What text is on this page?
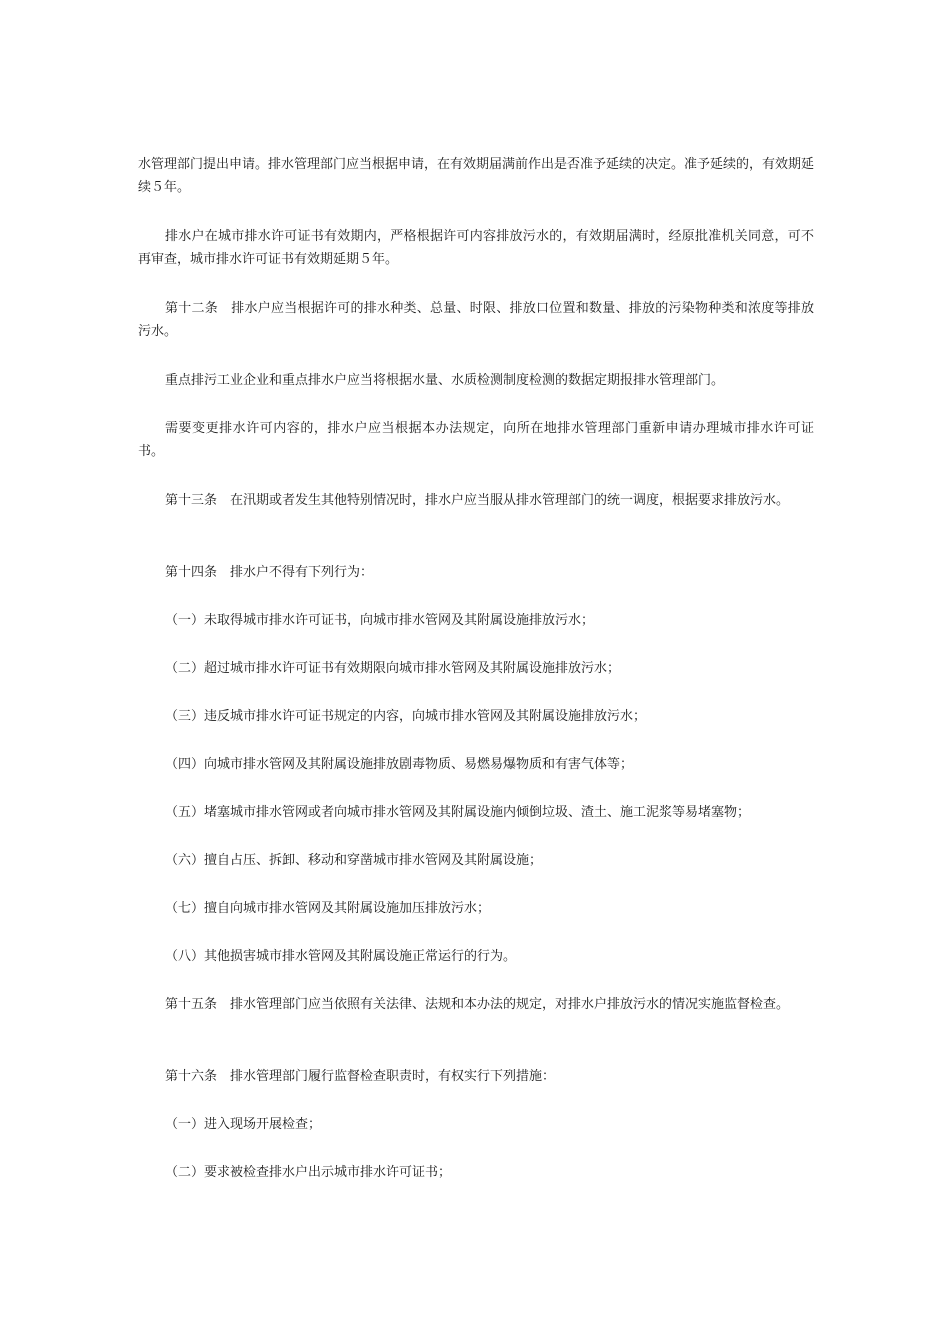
水管理部门提出申请。排水管理部门应当根据申请，在有效期届满前作出是否准予延续的决定。准予延续的，有效期延续５年。

排水户在城市排水许可证书有效期内，严格根据许可内容排放污水的，有效期届满时，经原批准机关同意，可不再审查，城市排水许可证书有效期延期５年。

第十二条　排水户应当根据许可的排水种类、总量、时限、排放口位置和数量、排放的污染物种类和浓度等排放污水。

重点排污工业企业和重点排水户应当将根据水量、水质检测制度检测的数据定期报排水管理部门。

需要变更排水许可内容的，排水户应当根据本办法规定，向所在地排水管理部门重新申请办理城市排水许可证书。

第十三条　在汛期或者发生其他特别情况时，排水户应当服从排水管理部门的统一调度，根据要求排放污水。

第十四条　排水户不得有下列行为：

（一）未取得城市排水许可证书，向城市排水管网及其附属设施排放污水；

（二）超过城市排水许可证书有效期限向城市排水管网及其附属设施排放污水；

（三）违反城市排水许可证书规定的内容，向城市排水管网及其附属设施排放污水；

（四）向城市排水管网及其附属设施排放剧毒物质、易燃易爆物质和有害气体等；

（五）堵塞城市排水管网或者向城市排水管网及其附属设施内倾倒垃圾、渣土、施工泥浆等易堵塞物；

（六）擅自占压、拆卸、移动和穿凿城市排水管网及其附属设施；

（七）擅自向城市排水管网及其附属设施加压排放污水；

（八）其他损害城市排水管网及其附属设施正常运行的行为。

第十五条　排水管理部门应当依照有关法律、法规和本办法的规定，对排水户排放污水的情况实施监督检查。

第十六条　排水管理部门履行监督检查职责时，有权实行下列措施：

（一）进入现场开展检查；

（二）要求被检查排水户出示城市排水许可证书；
